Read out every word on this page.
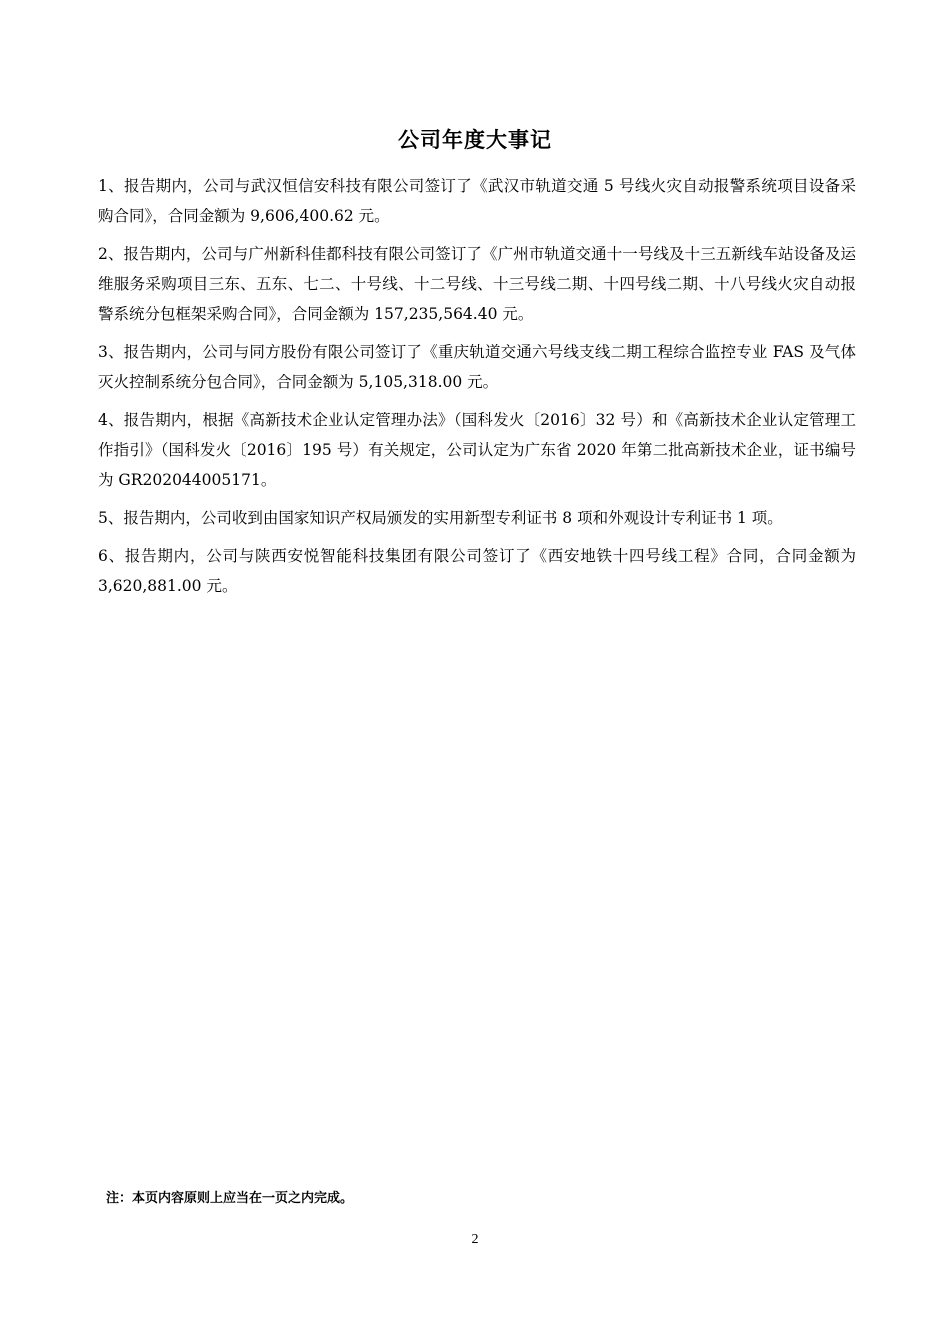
公司年度大事记

1、报告期内，公司与武汉恒信安科技有限公司签订了《武汉市轨道交通 5 号线火灾自动报警系统项目设备采购合同》，合同金额为 9,606,400.62 元。

2、报告期内，公司与广州新科佳都科技有限公司签订了《广州市轨道交通十一号线及十三五新线车站设备及运维服务采购项目三东、五东、七二、十号线、十二号线、十三号线二期、十四号线二期、十八号线火灾自动报警系统分包框架采购合同》，合同金额为 157,235,564.40 元。

3、报告期内，公司与同方股份有限公司签订了《重庆轨道交通六号线支线二期工程综合监控专业 FAS 及气体灭火控制系统分包合同》，合同金额为 5,105,318.00 元。

4、报告期内，根据《高新技术企业认定管理办法》（国科发火〔2016〕32 号）和《高新技术企业认定管理工作指引》（国科发火〔2016〕195 号）有关规定，公司认定为广东省 2020 年第二批高新技术企业，证书编号为 GR202044005171。

5、报告期内，公司收到由国家知识产权局颁发的实用新型专利证书 8 项和外观设计专利证书 1 项。

6、报告期内，公司与陕西安悦智能科技集团有限公司签订了《西安地铁十四号线工程》合同，合同金额为 3,620,881.00 元。

注：本页内容原则上应当在一页之内完成。
2
